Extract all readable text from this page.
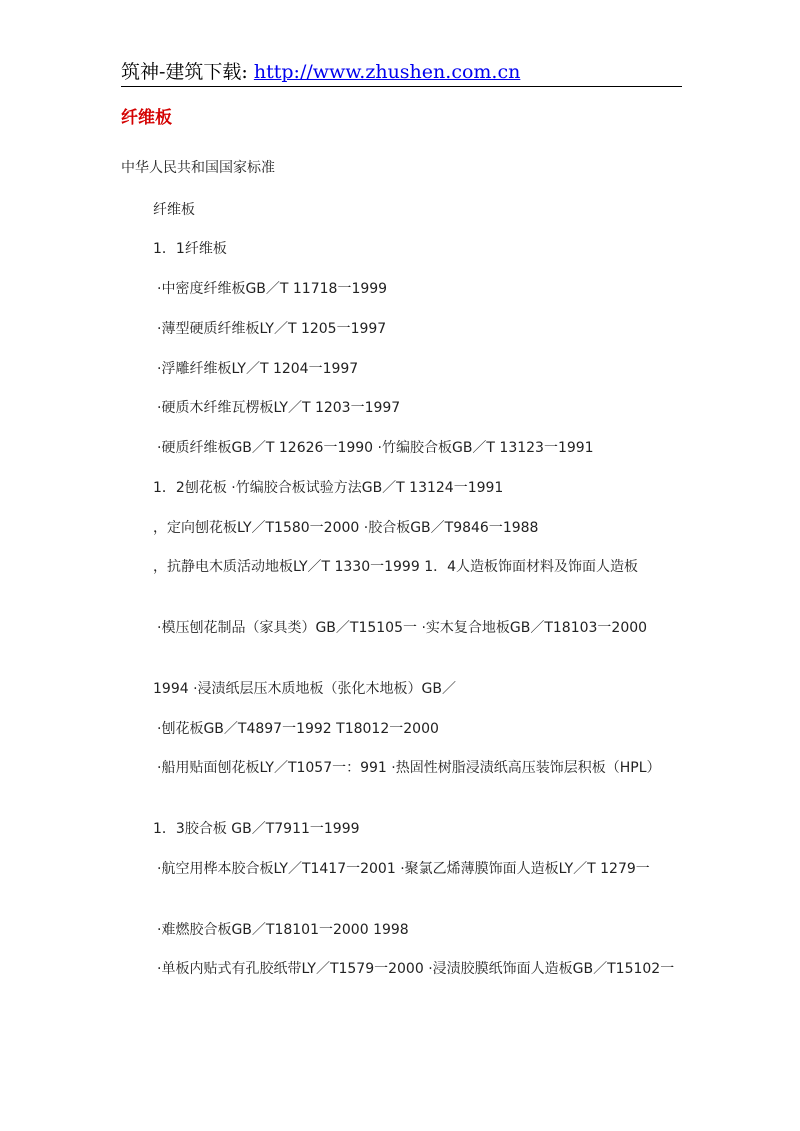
筑神-建筑下载: http://www.zhushen.com.cn
纤维板

中华人民共和国国家标准

纤维板

1．1纤维板

·中密度纤维板GB／T 11718一1999

·薄型硬质纤维板LY／T 1205一1997

·浮雕纤维板LY／T 1204一1997

·硬质木纤维瓦楞板LY／T 1203一1997

·硬质纤维板GB／T 12626一1990 ·竹编胶合板GB／T 13123一1991

1．2刨花板 ·竹编胶合板试验方法GB／T 13124一1991

，定向刨花板LY／T1580一2000 ·胶合板GB／T9846一1988

，抗静电木质活动地板LY／T 1330一1999 1．4人造板饰面材料及饰面人造板

·模压刨花制品（家具类）GB／T15105一 ·实木复合地板GB／T18103一2000

1994 ·浸渍纸层压木质地板（张化木地板）GB／

·刨花板GB／T4897一1992 T18012一2000

·船用贴面刨花板LY／T1057一：991 ·热固性树脂浸渍纸高压装饰层积板（HPL）

1．3胶合板 GB／T7911一1999

·航空用桦本胶合板LY／T1417一2001 ·聚氯乙烯薄膜饰面人造板LY／T 1279一

·难燃胶合板GB／T18101一2000 1998

·单板内贴式有孔胶纸带LY／T1579一2000 ·浸渍胶膜纸饰面人造板GB／T15102一
